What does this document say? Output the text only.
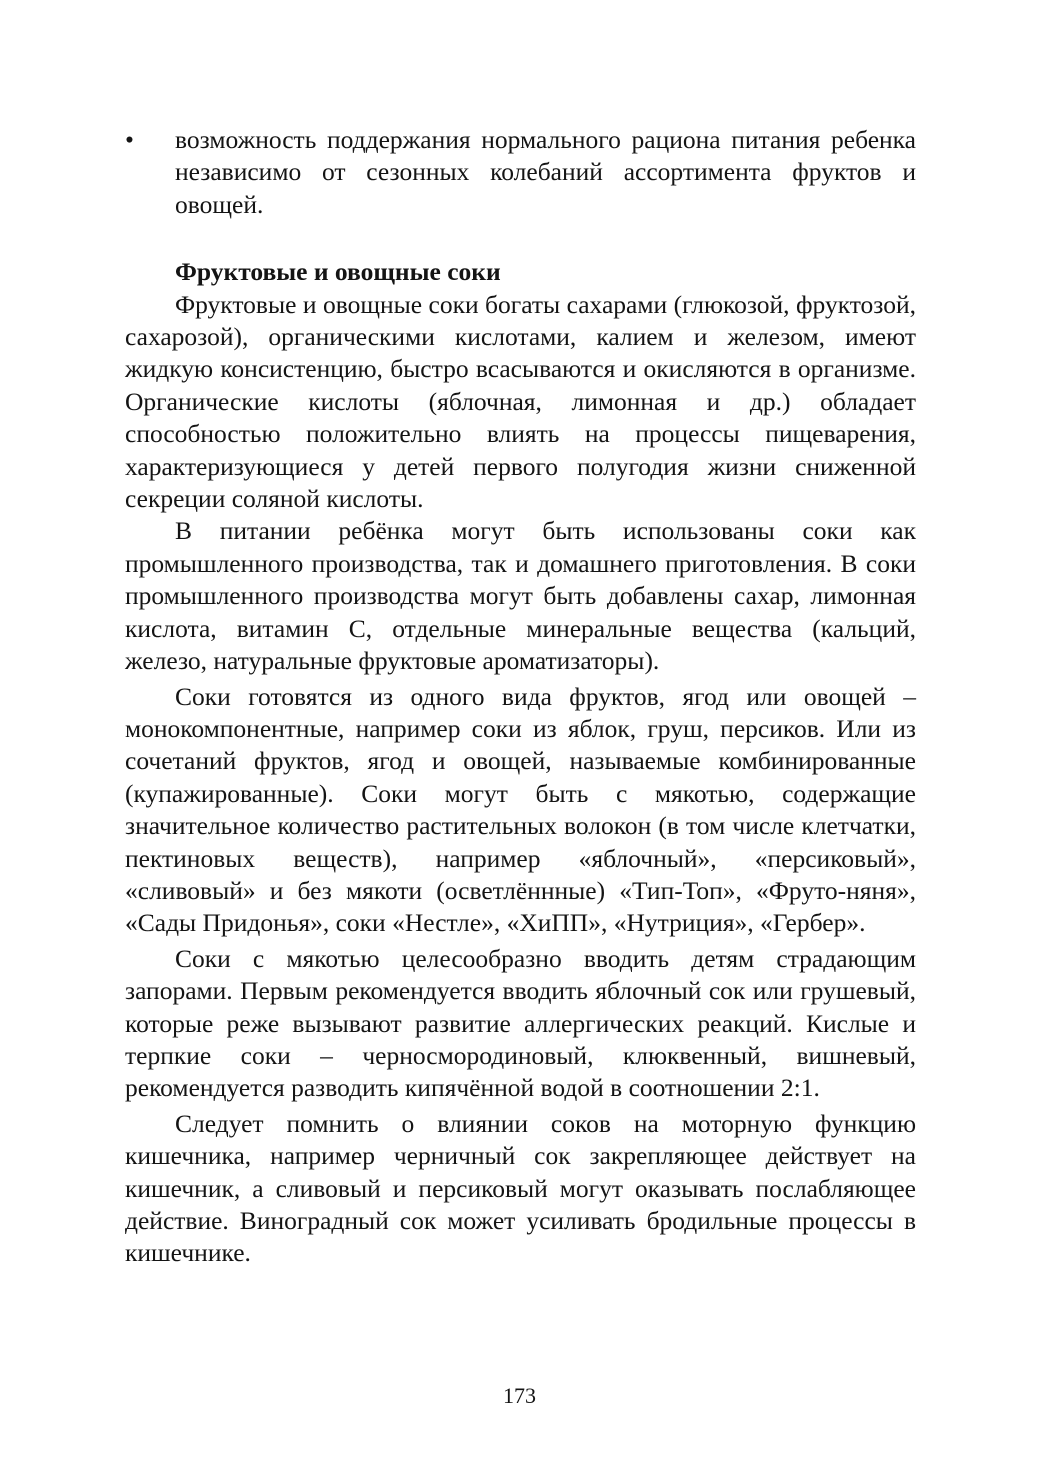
• возможность поддержания нормального рациона питания ребенка независимо от сезонных колебаний ассортимента фруктов и овощей.
Фруктовые и овощные соки

Фруктовые и овощные соки богаты сахарами (глюкозой, фруктозой, сахарозой), органическими кислотами, калием и железом, имеют жидкую консистенцию, быстро всасываются и окисляются в организме. Органические кислоты (яблочная, лимонная и др.) обладает способностью положительно влиять на процессы пищеварения, характеризующиеся у детей первого полугодия жизни сниженной секреции соляной кислоты.

В питании ребёнка могут быть использованы соки как промышленного производства, так и домашнего приготовления. В соки промышленного производства могут быть добавлены сахар, лимонная кислота, витамин С, отдельные минеральные вещества (кальций, железо, натуральные фруктовые ароматизаторы).

Соки готовятся из одного вида фруктов, ягод или овощей – монокомпонентные, например соки из яблок, груш, персиков. Или из сочетаний фруктов, ягод и овощей, называемые комбинированные (купажированные). Соки могут быть с мякотью, содержащие значительное количество растительных волокон (в том числе клетчатки, пектиновых веществ), например «яблочный», «персиковый», «сливовый» и без мякоти (осветлённные) «Тип-Топ», «Фруто-няня», «Сады Придонья», соки «Нестле», «ХиПП», «Нутриция», «Гербер».

Соки с мякотью целесообразно вводить детям страдающим запорами. Первым рекомендуется вводить яблочный сок или грушевый, которые реже вызывают развитие аллергических реакций. Кислые и терпкие соки – черносмородиновый, клюквенный, вишневый, рекомендуется разводить кипячённой водой в соотношении 2:1.

Следует помнить о влиянии соков на моторную функцию кишечника, например черничный сок закрепляющее действует на кишечник, а сливовый и персиковый могут оказывать послабляющее действие. Виноградный сок может усиливать бродильные процессы в кишечнике.

173
